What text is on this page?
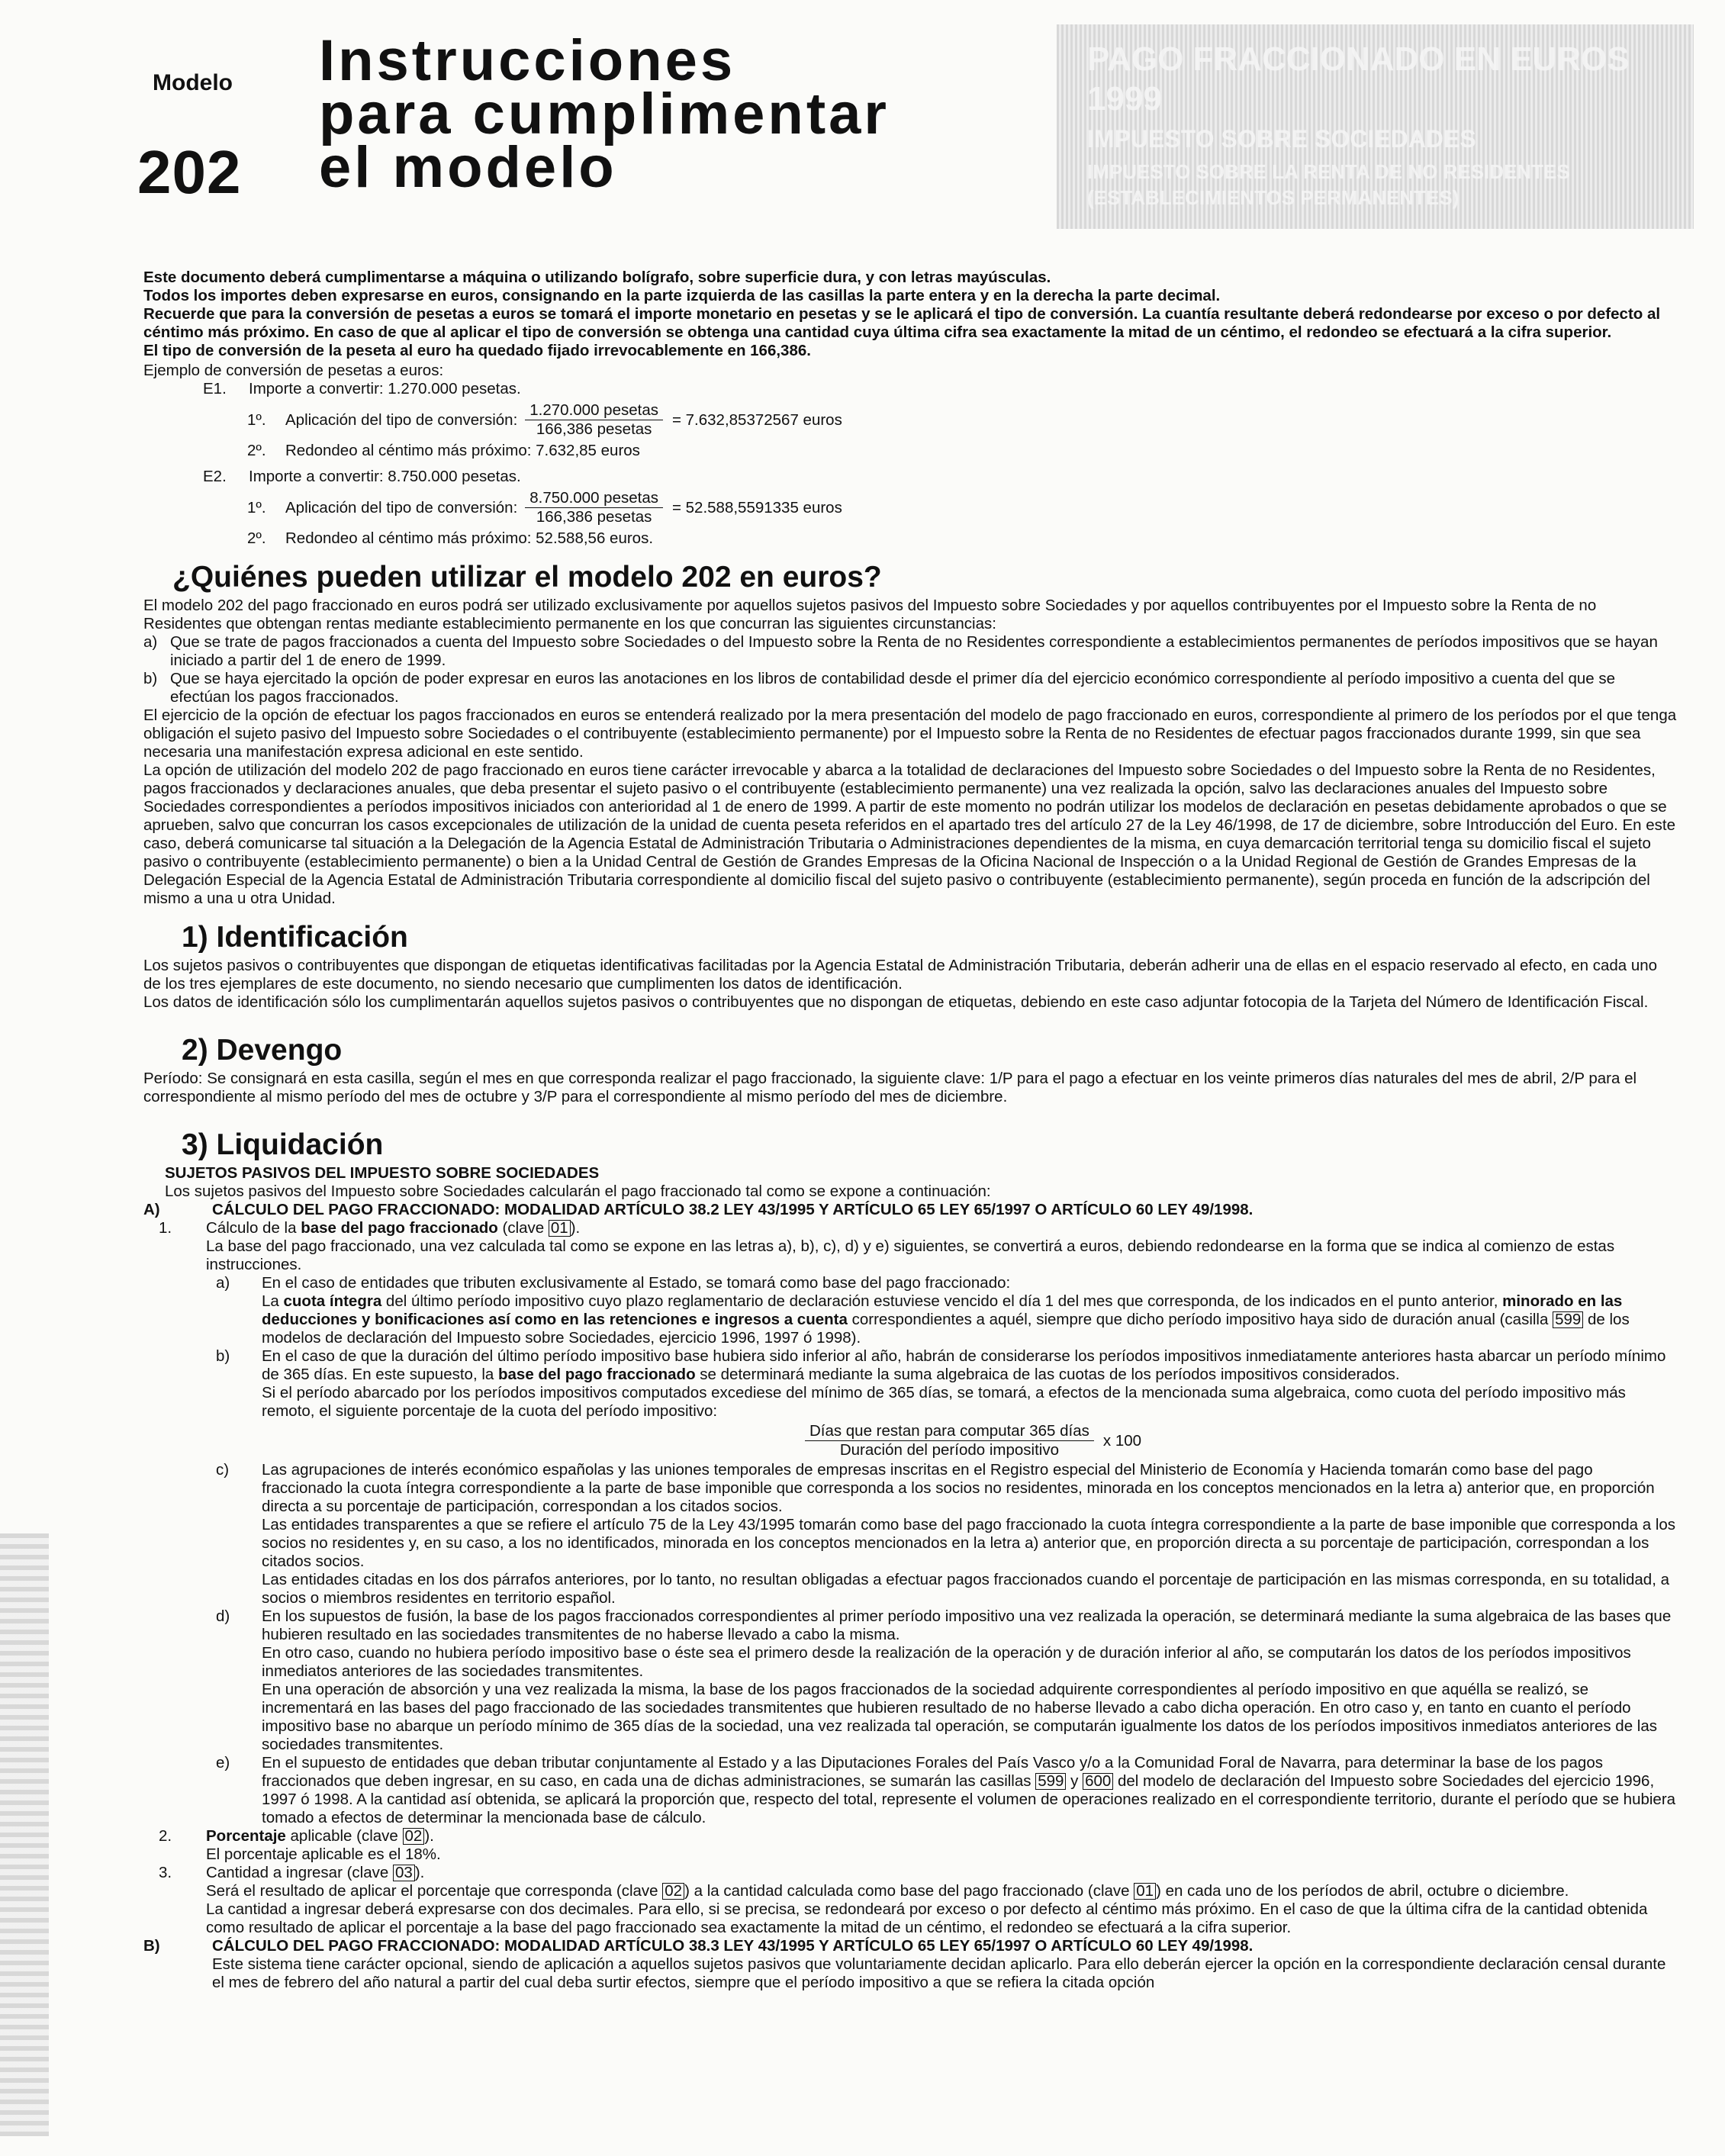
Modelo
202
Instrucciones
para cumplimentar
el modelo
PAGO FRACCIONADO EN EUROS
1999
IMPUESTO SOBRE SOCIEDADES
IMPUESTO SOBRE LA RENTA DE NO RESIDENTES
(ESTABLECIMIENTOS PERMANENTES)

Este documento deberá cumplimentarse a máquina o utilizando bolígrafo, sobre superficie dura, y con letras mayúsculas.

Todos los importes deben expresarse en euros, consignando en la parte izquierda de las casillas la parte entera y en la derecha la parte decimal.

Recuerde que para la conversión de pesetas a euros se tomará el importe monetario en pesetas y se le aplicará el tipo de conversión. La cuantía resultante deberá redondearse por exceso o por defecto al céntimo más próximo. En caso de que al aplicar el tipo de conversión se obtenga una cantidad cuya última cifra sea exactamente la mitad de un céntimo, el redondeo se efectuará a la cifra superior.

El tipo de conversión de la peseta al euro ha quedado fijado irrevocablemente en 166,386.

Ejemplo de conversión de pesetas a euros:

E1.	Importe a convertir: 1.270.000 pesetas.
1º.	Aplicación del tipo de conversión: $\frac{\text{1.270.000 pesetas}}{\text{166,386 pesetas}} = 7.632,85372567$ euros
2º.	Redondeo al céntimo más próximo: 7.632,85 euros
E2.	Importe a convertir: 8.750.000 pesetas.
1º.	Aplicación del tipo de conversión: $\frac{\text{8.750.000 pesetas}}{\text{166,386 pesetas}} = 52.588,5591335$ euros
2º.	Redondeo al céntimo más próximo: 52.588,56 euros.
¿Quiénes pueden utilizar el modelo 202 en euros?

El modelo 202 del pago fraccionado en euros podrá ser utilizado exclusivamente por aquellos sujetos pasivos del Impuesto sobre Sociedades y por aquellos contribuyentes por el Impuesto sobre la Renta de no Residentes que obtengan rentas mediante establecimiento permanente en los que concurran las siguientes circunstancias:

a) Que se trate de pagos fraccionados a cuenta del Impuesto sobre Sociedades o del Impuesto sobre la Renta de no Residentes correspondiente a establecimientos permanentes de períodos impositivos que se hayan iniciado a partir del 1 de enero de 1999.
b) Que se haya ejercitado la opción de poder expresar en euros las anotaciones en los libros de contabilidad desde el primer día del ejercicio económico correspondiente al período impositivo a cuenta del que se efectúan los pagos fraccionados.

El ejercicio de la opción de efectuar los pagos fraccionados en euros se entenderá realizado por la mera presentación del modelo de pago fraccionado en euros, correspondiente al primero de los períodos por el que tenga obligación el sujeto pasivo del Impuesto sobre Sociedades o el contribuyente (establecimiento permanente) por el Impuesto sobre la Renta de no Residentes de efectuar pagos fraccionados durante 1999, sin que sea necesaria una manifestación expresa adicional en este sentido.

La opción de utilización del modelo 202 de pago fraccionado en euros tiene carácter irrevocable y abarca a la totalidad de declaraciones del Impuesto sobre Sociedades o del Impuesto sobre la Renta de no Residentes, pagos fraccionados y declaraciones anuales, que deba presentar el sujeto pasivo o el contribuyente (establecimiento permanente) una vez realizada la opción, salvo las declaraciones anuales del Impuesto sobre Sociedades correspondientes a períodos impositivos iniciados con anterioridad al 1 de enero de 1999. A partir de este momento no podrán utilizar los modelos de declaración en pesetas debidamente aprobados o que se aprueben, salvo que concurran los casos excepcionales de utilización de la unidad de cuenta peseta referidos en el apartado tres del artículo 27 de la Ley 46/1998, de 17 de diciembre, sobre Introducción del Euro. En este caso, deberá comunicarse tal situación a la Delegación de la Agencia Estatal de Administración Tributaria o Administraciones dependientes de la misma, en cuya demarcación territorial tenga su domicilio fiscal el sujeto pasivo o contribuyente (establecimiento permanente) o bien a la Unidad Central de Gestión de Grandes Empresas de la Oficina Nacional de Inspección o a la Unidad Regional de Gestión de Grandes Empresas de la Delegación Especial de la Agencia Estatal de Administración Tributaria correspondiente al domicilio fiscal del sujeto pasivo o contribuyente (establecimiento permanente), según proceda en función de la adscripción del mismo a una u otra Unidad.

1) Identificación

Los sujetos pasivos o contribuyentes que dispongan de etiquetas identificativas facilitadas por la Agencia Estatal de Administración Tributaria, deberán adherir una de ellas en el espacio reservado al efecto, en cada uno de los tres ejemplares de este documento, no siendo necesario que cumplimenten los datos de identificación.

Los datos de identificación sólo los cumplimentarán aquellos sujetos pasivos o contribuyentes que no dispongan de etiquetas, debiendo en este caso adjuntar fotocopia de la Tarjeta del Número de Identificación Fiscal.

2) Devengo

Período: Se consignará en esta casilla, según el mes en que corresponda realizar el pago fraccionado, la siguiente clave: 1/P para el pago a efectuar en los veinte primeros días naturales del mes de abril, 2/P para el correspondiente al mismo período del mes de octubre y 3/P para el correspondiente al mismo período del mes de diciembre.

3) Liquidación

SUJETOS PASIVOS DEL IMPUESTO SOBRE SOCIEDADES

Los sujetos pasivos del Impuesto sobre Sociedades calcularán el pago fraccionado tal como se expone a continuación:

A)	CÁLCULO DEL PAGO FRACCIONADO: MODALIDAD ARTÍCULO 38.2 LEY 43/1995 Y ARTÍCULO 65 LEY 65/1997 O ARTÍCULO 60 LEY 49/1998.
1.	Cálculo de la base del pago fraccionado (clave 01 ).

La base del pago fraccionado, una vez calculada tal como se expone en las letras a), b), c), d) y e) siguientes, se convertirá a euros, debiendo redondearse en la forma que se indica al comienzo de estas instrucciones.

a)	En el caso de entidades que tributen exclusivamente al Estado, se tomará como base del pago fraccionado:

La cuota íntegra del último período impositivo cuyo plazo reglamentario de declaración estuviese vencido el día 1 del mes que corresponda, de los indicados en el punto anterior, minorado en las deducciones y bonificaciones así como en las retenciones e ingresos a cuenta correspondientes a aquél, siempre que dicho período impositivo haya sido de duración anual (casilla 599 de los modelos de declaración del Impuesto sobre Sociedades, ejercicio 1996, 1997 ó 1998).

b)	En el caso de que la duración del último período impositivo base hubiera sido inferior al año, habrán de considerarse los períodos impositivos inmediatamente anteriores hasta abarcar un período mínimo de 365 días. En este supuesto, la base del pago fraccionado se determinará mediante la suma algebraica de las cuotas de los períodos impositivos considerados.

Si el período abarcado por los períodos impositivos computados excediese del mínimo de 365 días, se tomará, a efectos de la mencionada suma algebraica, como cuota del período impositivo más remoto, el siguiente porcentaje de la cuota del período impositivo:

$\frac{\text{Días que restan para computar 365 días}}{\text{Duración del período impositivo}}$ x 100
c)	Las agrupaciones de interés económico españolas y las uniones temporales de empresas inscritas en el Registro especial del Ministerio de Economía y Hacienda tomarán como base del pago fraccionado la cuota íntegra correspondiente a la parte de base imponible que corresponda a los socios no residentes, minorada en los conceptos mencionados en la letra a) anterior que, en proporción directa a su porcentaje de participación, correspondan a los citados socios.

Las entidades transparentes a que se refiere el artículo 75 de la Ley 43/1995 tomarán como base del pago fraccionado la cuota íntegra correspondiente a la parte de base imponible que corresponda a los socios no residentes y, en su caso, a los no identificados, minorada en los conceptos mencionados en la letra a) anterior que, en proporción directa a su porcentaje de participación, correspondan a los citados socios.

Las entidades citadas en los dos párrafos anteriores, por lo tanto, no resultan obligadas a efectuar pagos fraccionados cuando el porcentaje de participación en las mismas corresponda, en su totalidad, a socios o miembros residentes en territorio español.

d)	En los supuestos de fusión, la base de los pagos fraccionados correspondientes al primer período impositivo una vez realizada la operación, se determinará mediante la suma algebraica de las bases que hubieren resultado en las sociedades transmitentes de no haberse llevado a cabo la misma.

En otro caso, cuando no hubiera período impositivo base o éste sea el primero desde la realización de la operación y de duración inferior al año, se computarán los datos de los períodos impositivos inmediatos anteriores de las sociedades transmitentes.

En una operación de absorción y una vez realizada la misma, la base de los pagos fraccionados de la sociedad adquirente correspondientes al período impositivo en que aquélla se realizó, se incrementará en las bases del pago fraccionado de las sociedades transmitentes que hubieren resultado de no haberse llevado a cabo dicha operación. En otro caso y, en tanto en cuanto el período impositivo base no abarque un período mínimo de 365 días de la sociedad, una vez realizada tal operación, se computarán igualmente los datos de los períodos impositivos inmediatos anteriores de las sociedades transmitentes.

e)	En el supuesto de entidades que deban tributar conjuntamente al Estado y a las Diputaciones Forales del País Vasco y/o a la Comunidad Foral de Navarra, para determinar la base de los pagos fraccionados que deben ingresar, en su caso, en cada una de dichas administraciones, se sumarán las casillas 599 y 600 del modelo de declaración del Impuesto sobre Sociedades del ejercicio 1996, 1997 ó 1998. A la cantidad así obtenida, se aplicará la proporción que, respecto del total, represente el volumen de operaciones realizado en el correspondiente territorio, durante el período que se hubiera tomado a efectos de determinar la mencionada base de cálculo.

2.	Porcentaje aplicable (clave 02 ).

El porcentaje aplicable es el 18%.

3.	Cantidad a ingresar (clave 03 ).

Será el resultado de aplicar el porcentaje que corresponda (clave 02 ) a la cantidad calculada como base del pago fraccionado (clave 01 ) en cada uno de los períodos de abril, octubre o diciembre.

La cantidad a ingresar deberá expresarse con dos decimales. Para ello, si se precisa, se redondeará por exceso o por defecto al céntimo más próximo. En el caso de que la última cifra de la cantidad obtenida como resultado de aplicar el porcentaje a la base del pago fraccionado sea exactamente la mitad de un céntimo, el redondeo se efectuará a la cifra superior.

B)	CÁLCULO DEL PAGO FRACCIONADO: MODALIDAD ARTÍCULO 38.3 LEY 43/1995 Y ARTÍCULO 65 LEY 65/1997 O ARTÍCULO 60 LEY 49/1998.

Este sistema tiene carácter opcional, siendo de aplicación a aquellos sujetos pasivos que voluntariamente decidan aplicarlo. Para ello deberán ejercer la opción en la correspondiente declaración censal durante el mes de febrero del año natural a partir del cual deba surtir efectos, siempre que el período impositivo a que se refiera la citada opción
